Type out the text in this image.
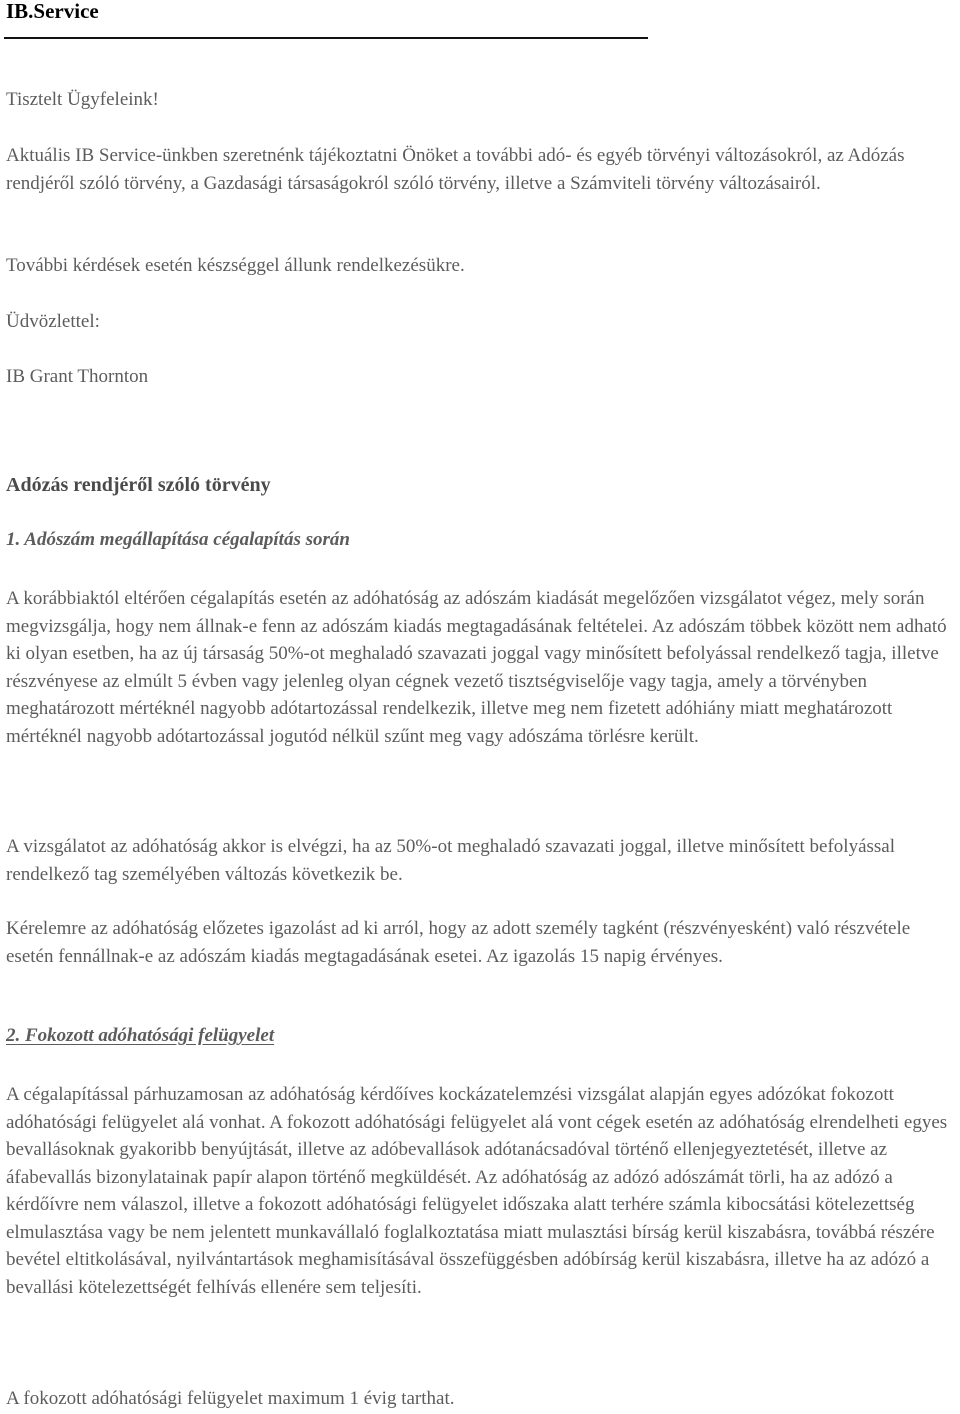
IB.Service

Tisztelt Ügyfeleink!

Aktuális IB Service-ünkben szeretnénk tájékoztatni Önöket a további adó- és egyéb törvényi változásokról, az Adózás rendjéről szóló törvény, a Gazdasági társaságokról szóló törvény, illetve a Számviteli törvény változásairól.

További kérdések esetén készséggel állunk rendelkezésükre.

Üdvözlettel:

IB Grant Thornton

Adózás rendjéről szóló törvény
1. Adószám megállapítása cégalapítás során

A korábbiaktól eltérően cégalapítás esetén az adóhatóság az adószám kiadását megelőzően vizsgálatot végez, mely során megvizsgálja, hogy nem állnak-e fenn az adószám kiadás megtagadásának feltételei. Az adószám többek között nem adható ki olyan esetben, ha az új társaság 50%-ot meghaladó szavazati joggal vagy minősített befolyással rendelkező tagja, illetve részvényese az elmúlt 5 évben vagy jelenleg olyan cégnek vezető tisztségviselője vagy tagja, amely a törvényben meghatározott mértéknél nagyobb adótartozással rendelkezik, illetve meg nem fizetett adóhiány miatt meghatározott mértéknél nagyobb adótartozással jogutód nélkül szűnt meg vagy adószáma törlésre került.

A vizsgálatot az adóhatóság akkor is elvégzi, ha az 50%-ot meghaladó szavazati joggal, illetve minősített befolyással rendelkező tag személyében változás következik be.

Kérelemre az adóhatóság előzetes igazolást ad ki arról, hogy az adott személy tagként (részvényesként) való részvétele esetén fennállnak-e az adószám kiadás megtagadásának esetei. Az igazolás 15 napig érvényes.

2. Fokozott adóhatósági felügyelet

A cégalapítással párhuzamosan az adóhatóság kérdőíves kockázatelemzési vizsgálat alapján egyes adózókat fokozott adóhatósági felügyelet alá vonhat. A fokozott adóhatósági felügyelet alá vont cégek esetén az adóhatóság elrendelheti egyes bevallásoknak gyakoribb benyújtását, illetve az adóbevallások adótanácsadóval történő ellenjegyeztetését, illetve az áfabevallás bizonylatainak papír alapon történő megküldését. Az adóhatóság az adózó adószámát törli, ha az adózó a kérdőívre nem válaszol, illetve a fokozott adóhatósági felügyelet időszaka alatt terhére számla kibocsátási kötelezettség elmulasztása vagy be nem jelentett munkavállaló foglalkoztatása miatt mulasztási bírság kerül kiszabásra, továbbá részére bevétel eltitkolásával, nyilvántartások meghamisításával összefüggésben adóbírság kerül kiszabásra, illetve ha az adózó a bevallási kötelezettségét felhívás ellenére sem teljesíti.

A fokozott adóhatósági felügyelet maximum 1 évig tarthat.
